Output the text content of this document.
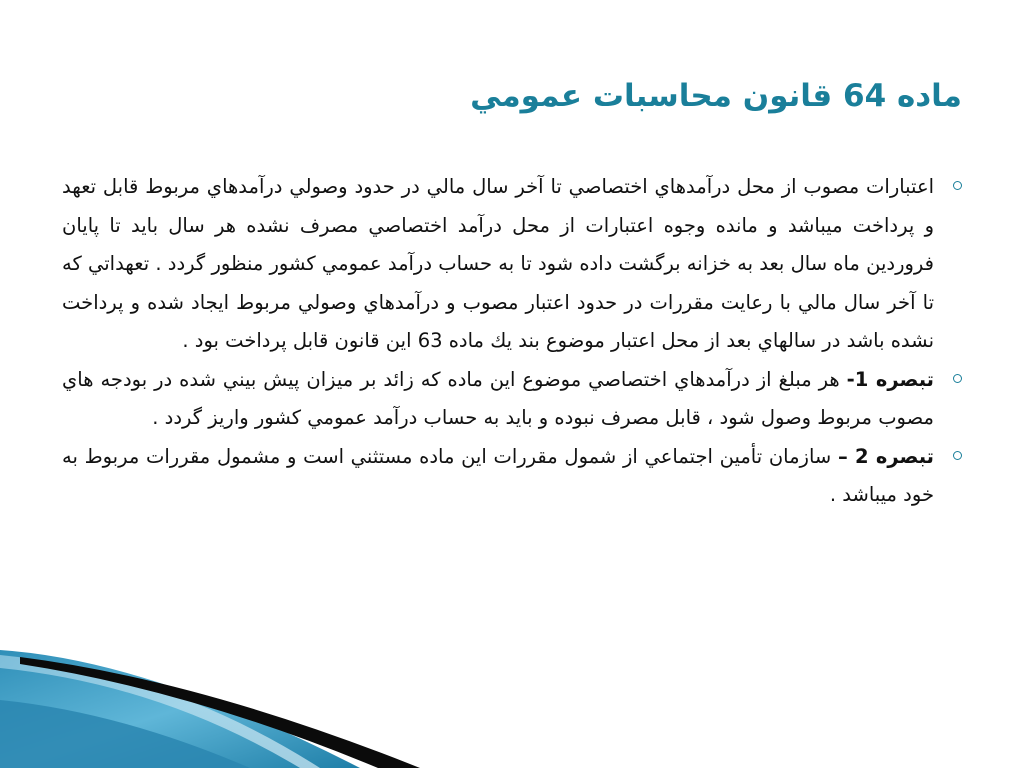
ماده 64 قانون محاسبات عمومي

اعتبارات مصوب از محل درآمدهاي اختصاصي تا آخر سال مالي در حدود وصولي درآمدهاي مربوط قابل تعهد و پرداخت ميباشد و مانده وجوه اعتبارات از محل درآمد اختصاصي مصرف نشده هر سال بايد تا پايان فروردين ماه سال بعد به خزانه برگشت داده شود تا به حساب درآمد عمومي كشور منظور گردد . تعهداتي كه تا آخر سال مالي با رعايت مقررات در حدود اعتبار مصوب و درآمدهاي وصولي مربوط ايجاد شده و پرداخت نشده باشد در سالهاي بعد از محل اعتبار موضوع بند يك ماده 63 اين قانون قابل پرداخت بود .

تبصره 1- هر مبلغ از درآمدهاي اختصاصي موضوع اين ماده كه زائد بر ميزان پيش بيني شده در بودجه هاي مصوب مربوط وصول شود ، قابل مصرف نبوده و بايد به حساب درآمد عمومي كشور واريز گردد .

تبصره 2 – سازمان تأمين اجتماعي از شمول مقررات اين ماده مستثني است و مشمول مقررات مربوط به خود ميباشد .
